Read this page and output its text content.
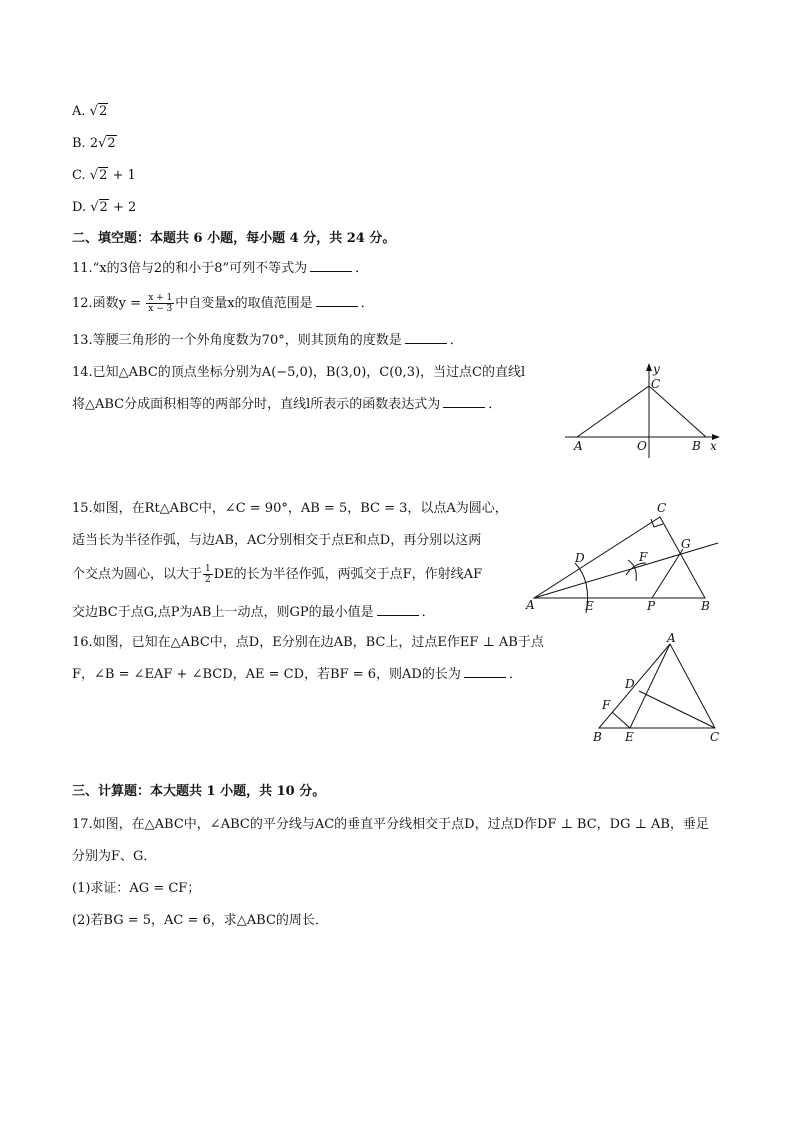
A. √2
B. 2√2
C. √2 + 1
D. √2 + 2
二、填空题：本题共 6 小题，每小题 4 分，共 24 分。
11.“x的3倍与2的和小于8”可列不等式为	．
12.函数$y = \frac{x + 1}{x - 3}$ 中自变量x的取值范围是	．
13.等腰三角形的一个外角度数为70°，则其顶角的度数是	．
14.已知△ABC的顶点坐标分别为A(−5,0)，B(3,0)，C(0,3)，当过点C的直线l
将△ABC分成面积相等的两部分时，直线l所表示的函数表达式为	．
y
C
A	O	B x
15.如图，在Rt△ABC中，∠C = 90°，AB = 5，BC = 3，以点A为圆心，
适当长为半径作弧，与边AB，AC分别相交于点E和点D，再分别以这两
个交点为圆心，以大于 $\frac{1}{2}$ DE的长为半径作弧，两弧交于点F，作射线AF
交边BC于点G,点P为AB上一动点，则GP的最小值是	．
C
D	F
G
A	E	P	B
16.如图，已知在△ABC中，点D，E分别在边AB，BC上，过点E作EF ⊥ AB于点
F，∠B = ∠EAF + ∠BCD，AE = CD，若BF = 6，则AD的长为	．
A
D
F
B E	C
三、计算题：本大题共 1 小题，共 10 分。
17.如图，在△ABC中，∠ABC的平分线与AC的垂直平分线相交于点D，过点D作DF ⊥ BC，DG ⊥ AB，垂足
分别为F、G．
(1)求证：AG = CF；
(2)若BG = 5，AC = 6，求△ABC的周长．
